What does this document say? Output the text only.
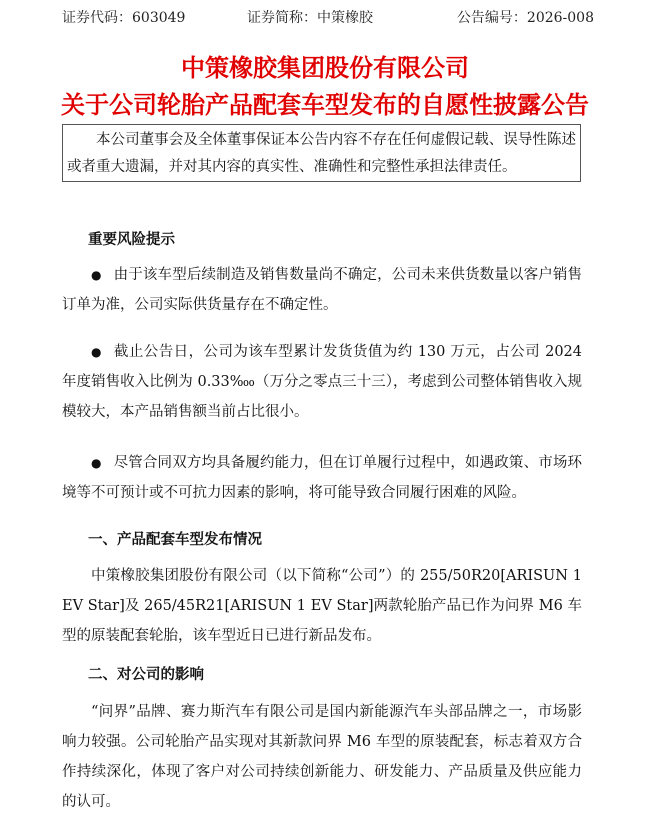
证券代码：603049	证券简称：中策橡胶	公告编号：2026-008
中策橡胶集团股份有限公司
关于公司轮胎产品配套车型发布的自愿性披露公告

本公司董事会及全体董事保证本公告内容不存在任何虚假记载、误导性陈述

或者重大遗漏，并对其内容的真实性、准确性和完整性承担法律责任。

重要风险提示

● 由于该车型后续制造及销售数量尚不确定，公司未来供货数量以客户销售订单为准，公司实际供货量存在不确定性。

● 截止公告日，公司为该车型累计发货货值为约 130 万元，占公司 2024 年度销售收入比例为 0.33‱（万分之零点三十三），考虑到公司整体销售收入规模较大，本产品销售额当前占比很小。

● 尽管合同双方均具备履约能力，但在订单履行过程中，如遇政策、市场环境等不可预计或不可抗力因素的影响，将可能导致合同履行困难的风险。

一、产品配套车型发布情况

中策橡胶集团股份有限公司（以下简称“公司”）的 255/50R20[ARISUN 1 EV Star]及 265/45R21[ARISUN 1 EV Star]两款轮胎产品已作为问界 M6 车型的原装配套轮胎，该车型近日已进行新品发布。

二、对公司的影响

“问界”品牌、赛力斯汽车有限公司是国内新能源汽车头部品牌之一，市场影响力较强。公司轮胎产品实现对其新款问界 M6 车型的原装配套，标志着双方合作持续深化，体现了客户对公司持续创新能力、研发能力、产品质量及供应能力的认可。
